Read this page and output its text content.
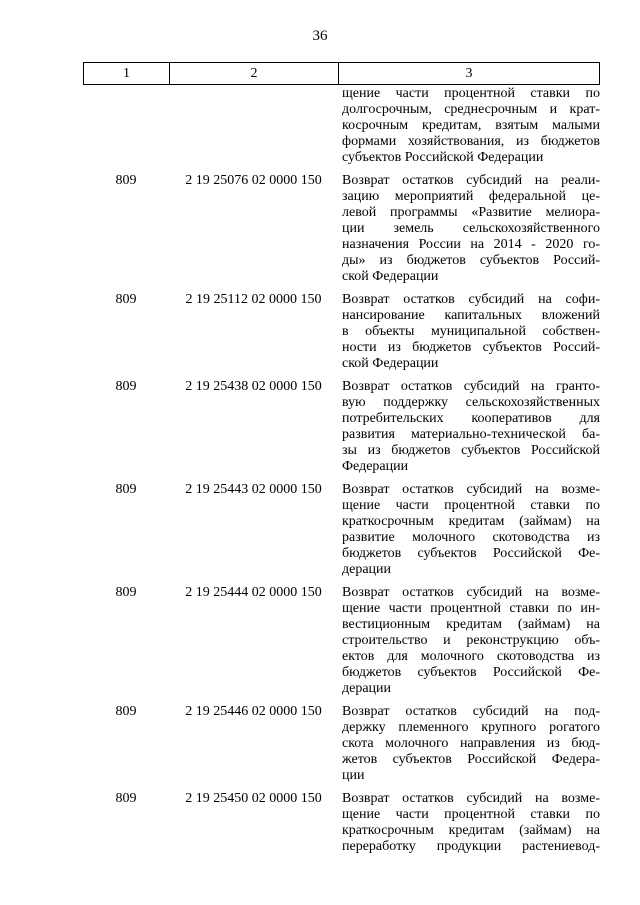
36
1	2	3
щение части процентной ставки по
долгосрочным, среднесрочным и крат-
косрочным кредитам, взятым малыми
формами хозяйствования, из бюджетов
субъектов Российской Федерации
809	2 19 25076 02 0000 150	Возврат остатков субсидий на реали-
зацию мероприятий федеральной це-
левой программы «Развитие мелиора-
ции земель сельскохозяйственного
назначения России на 2014 - 2020 го-
ды» из бюджетов субъектов Россий-
ской Федерации
809	2 19 25112 02 0000 150	Возврат остатков субсидий на софи-
нансирование капитальных вложений
в объекты муниципальной собствен-
ности из бюджетов субъектов Россий-
ской Федерации
809	2 19 25438 02 0000 150	Возврат остатков субсидий на гранто-
вую поддержку сельскохозяйственных
потребительских кооперативов для
развития материально-технической ба-
зы из бюджетов субъектов Российской
Федерации
809	2 19 25443 02 0000 150	Возврат остатков субсидий на возме-
щение части процентной ставки по
краткосрочным кредитам (займам) на
развитие молочного скотоводства из
бюджетов субъектов Российской Фе-
дерации
809	2 19 25444 02 0000 150	Возврат остатков субсидий на возме-
щение части процентной ставки по ин-
вестиционным кредитам (займам) на
строительство и реконструкцию объ-
ектов для молочного скотоводства из
бюджетов субъектов Российской Фе-
дерации
809	2 19 25446 02 0000 150	Возврат остатков субсидий на под-
держку племенного крупного рогатого
скота молочного направления из бюд-
жетов субъектов Российской Федера-
ции
809	2 19 25450 02 0000 150	Возврат остатков субсидий на возме-
щение части процентной ставки по
краткосрочным кредитам (займам) на
переработку продукции растениевод-
